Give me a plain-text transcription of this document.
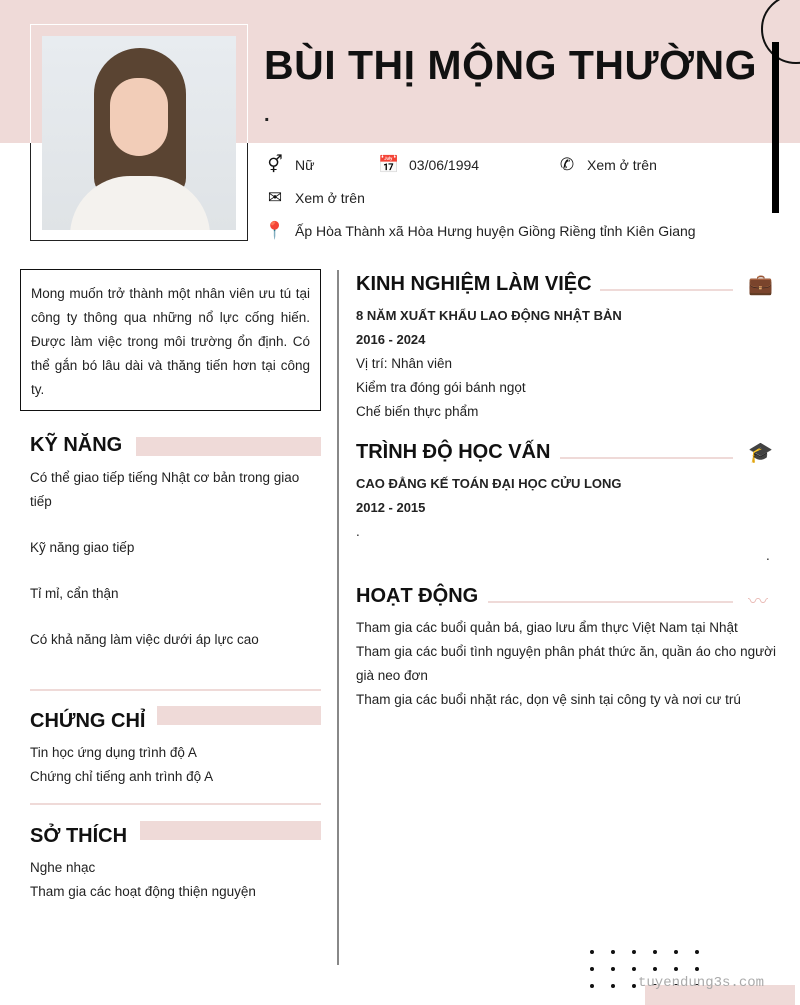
BÙI THỊ MỘNG THƯỜNG
.
⚥ Nữ	📅 03/06/1994	✆ Xem ở trên
✉ Xem ở trên
📍 Ấp Hòa Thành xã Hòa Hưng huyện Giồng Riềng tỉnh Kiên Giang
Mong muốn trở thành một nhân viên ưu tú tại công ty thông qua những nổ lực cống hiến. Được làm việc trong môi trường ổn định. Có thể gắn bó lâu dài và thăng tiến hơn tại công ty.
KỸ NĂNG
Có thể giao tiếp tiếng Nhật cơ bản trong giao tiếp
Kỹ năng giao tiếp
Tỉ mỉ, cẩn thận
Có khả năng làm việc dưới áp lực cao
CHỨNG CHỈ
Tin học ứng dụng trình độ A
Chứng chỉ tiếng anh trình độ A
SỞ THÍCH
Nghe nhạc
Tham gia các hoạt động thiện nguyện
KINH NGHIỆM LÀM VIỆC	💼
8 NĂM XUẤT KHẨU LAO ĐỘNG NHẬT BẢN
2016 - 2024
Vị trí: Nhân viên
Kiểm tra đóng gói bánh ngọt
Chế biến thực phẩm
TRÌNH ĐỘ HỌC VẤN	🎓
CAO ĐẲNG KẾ TOÁN ĐẠI HỌC CỬU LONG
2012 - 2015
.
.
HOẠT ĐỘNG	〰
Tham gia các buổi quản bá, giao lưu ẩm thực Việt Nam tại Nhật
Tham gia các buổi tình nguyện phân phát thức ăn, quần áo cho người già neo đơn
Tham gia các buổi nhặt rác, dọn vệ sinh tại công ty và nơi cư trú
tuyendung3s.com
